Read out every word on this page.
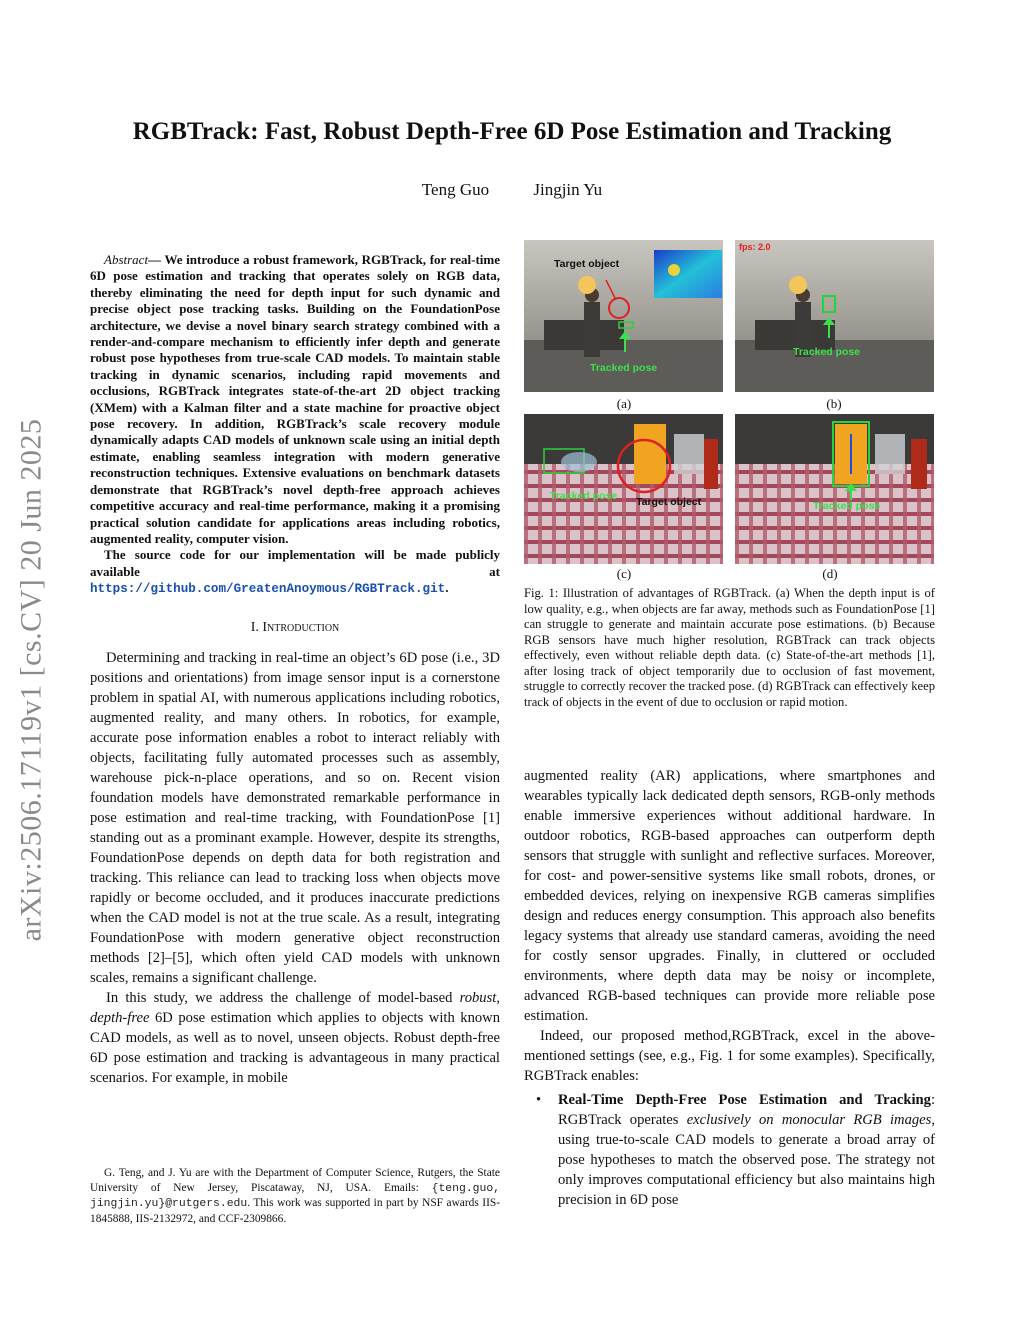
arXiv:2506.17119v1 [cs.CV] 20 Jun 2025
RGBTrack: Fast, Robust Depth-Free 6D Pose Estimation and Tracking
Teng Guo	Jingjin Yu

Abstract— We introduce a robust framework, RGBTrack, for real-time 6D pose estimation and tracking that operates solely on RGB data, thereby eliminating the need for depth input for such dynamic and precise object pose tracking tasks. Building on the FoundationPose architecture, we devise a novel binary search strategy combined with a render-and-compare mechanism to efficiently infer depth and generate robust pose hypotheses from true-scale CAD models. To maintain stable tracking in dynamic scenarios, including rapid movements and occlusions, RGBTrack integrates state-of-the-art 2D object tracking (XMem) with a Kalman filter and a state machine for proactive object pose recovery. In addition, RGBTrack’s scale recovery module dynamically adapts CAD models of unknown scale using an initial depth estimate, enabling seamless integration with modern generative reconstruction techniques. Extensive evaluations on benchmark datasets demonstrate that RGBTrack’s novel depth-free approach achieves competitive accuracy and real-time performance, making it a promising practical solution candidate for applications areas including robotics, augmented reality, computer vision.

The source code for our implementation will be made publicly available at https://github.com/GreatenAnoymous/RGBTrack.git.

I. Introduction

Determining and tracking in real-time an object’s 6D pose (i.e., 3D positions and orientations) from image sensor input is a cornerstone problem in spatial AI, with numerous applications including robotics, augmented reality, and many others. In robotics, for example, accurate pose information enables a robot to interact reliably with objects, facilitating fully automated processes such as assembly, warehouse pick-n-place operations, and so on. Recent vision foundation models have demonstrated remarkable performance in pose estimation and real-time tracking, with FoundationPose [1] standing out as a prominant example. However, despite its strengths, FoundationPose depends on depth data for both registration and tracking. This reliance can lead to tracking loss when objects move rapidly or become occluded, and it produces inaccurate predictions when the CAD model is not at the true scale. As a result, integrating FoundationPose with modern generative object reconstruction methods [2]–[5], which often yield CAD models with unknown scales, remains a significant challenge.

In this study, we address the challenge of model-based robust, depth-free 6D pose estimation which applies to objects with known CAD models, as well as to novel, unseen objects. Robust depth-free 6D pose estimation and tracking is advantageous in many practical scenarios. For example, in mobile

G. Teng, and J. Yu are with the Department of Computer Science, Rutgers, the State University of New Jersey, Piscataway, NJ, USA. Emails: {teng.guo, jingjin.yu}@rutgers.edu. This work was supported in part by NSF awards IIS-1845888, IIS-2132972, and CCF-2309866.

Target object
Tracked pose
(a)
fps: 2.0
Tracked pose
(b)
Tracked pose Target object
(c)
Tracked pose
(d)
Fig. 1: Illustration of advantages of RGBTrack. (a) When the depth input is of low quality, e.g., when objects are far away, methods such as FoundationPose [1] can struggle to generate and maintain accurate pose estimations. (b) Because RGB sensors have much higher resolution, RGBTrack can track objects effectively, even without reliable depth data. (c) State-of-the-art methods [1], after losing track of object temporarily due to occlusion of fast movement, struggle to correctly recover the tracked pose. (d) RGBTrack can effectively keep track of objects in the event of due to occlusion or rapid motion.

augmented reality (AR) applications, where smartphones and wearables typically lack dedicated depth sensors, RGB-only methods enable immersive experiences without additional hardware. In outdoor robotics, RGB-based approaches can outperform depth sensors that struggle with sunlight and reflective surfaces. Moreover, for cost- and power-sensitive systems like small robots, drones, or embedded devices, relying on inexpensive RGB cameras simplifies design and reduces energy consumption. This approach also benefits legacy systems that already use standard cameras, avoiding the need for costly sensor upgrades. Finally, in cluttered or occluded environments, where depth data may be noisy or incomplete, advanced RGB-based techniques can provide more reliable pose estimation.

Indeed, our proposed method,RGBTrack, excel in the above-mentioned settings (see, e.g., Fig. 1 for some examples). Specifically, RGBTrack enables:

•	Real-Time Depth-Free Pose Estimation and Tracking: RGBTrack operates exclusively on monocular RGB images, using true-to-scale CAD models to generate a broad array of pose hypotheses to match the observed pose. The strategy not only improves computational efficiency but also maintains high precision in 6D pose
